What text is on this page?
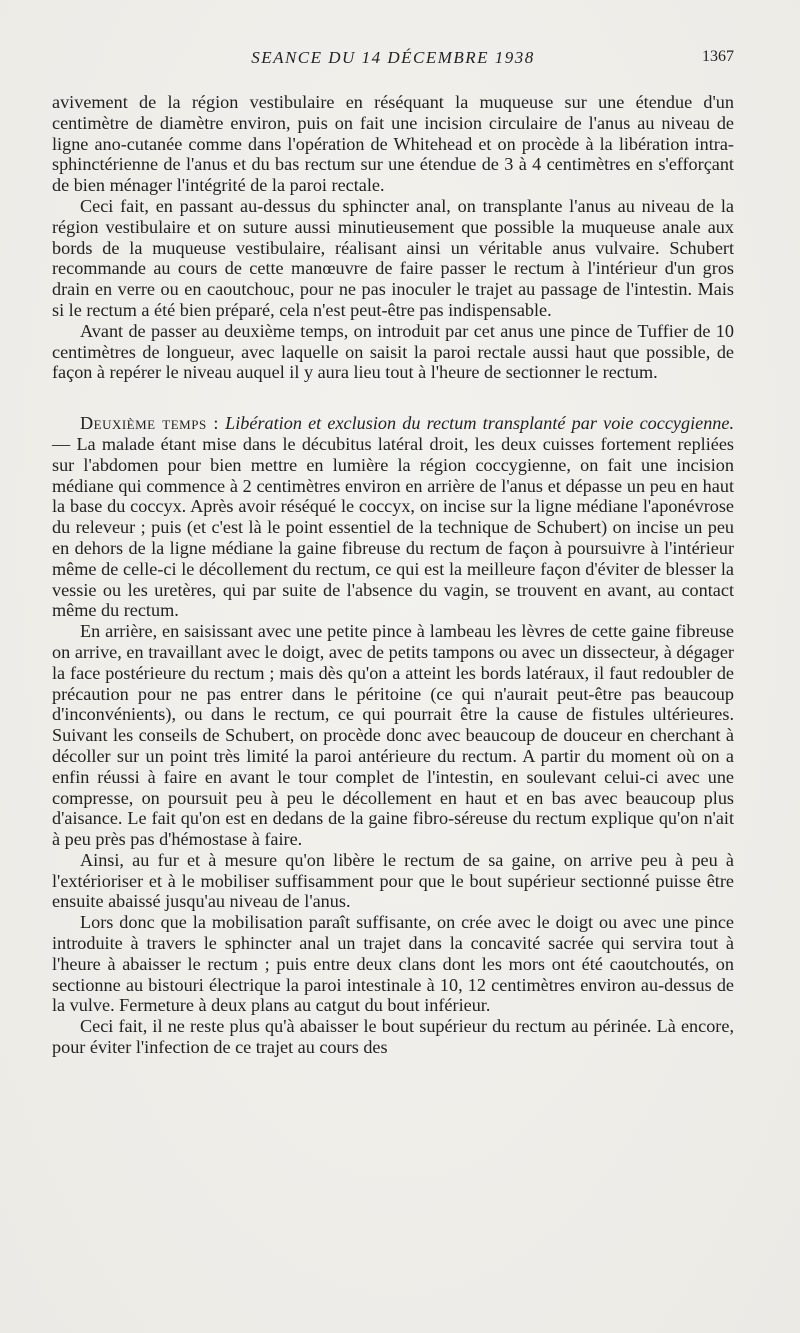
SEANCE DU 14 DÉCEMBRE 1938	1367

avivement de la région vestibulaire en réséquant la muqueuse sur une étendue d'un centimètre de diamètre environ, puis on fait une incision circulaire de l'anus au niveau de ligne ano-cutanée comme dans l'opération de Whitehead et on procède à la libération intra-sphinctérienne de l'anus et du bas rectum sur une étendue de 3 à 4 centimètres en s'efforçant de bien ménager l'intégrité de la paroi rectale.

Ceci fait, en passant au-dessus du sphincter anal, on transplante l'anus au niveau de la région vestibulaire et on suture aussi minutieusement que possible la muqueuse anale aux bords de la muqueuse vestibulaire, réalisant ainsi un véritable anus vulvaire. Schubert recommande au cours de cette manœuvre de faire passer le rectum à l'intérieur d'un gros drain en verre ou en caoutchouc, pour ne pas inoculer le trajet au passage de l'intestin. Mais si le rectum a été bien préparé, cela n'est peut-être pas indispensable.

Avant de passer au deuxième temps, on introduit par cet anus une pince de Tuffier de 10 centimètres de longueur, avec laquelle on saisit la paroi rectale aussi haut que possible, de façon à repérer le niveau auquel il y aura lieu tout à l'heure de sectionner le rectum.

Deuxième temps : Libération et exclusion du rectum transplanté par voie coccygienne. — La malade étant mise dans le décubitus latéral droit, les deux cuisses fortement repliées sur l'abdomen pour bien mettre en lumière la région coccygienne, on fait une incision médiane qui commence à 2 centimètres environ en arrière de l'anus et dépasse un peu en haut la base du coccyx. Après avoir réséqué le coccyx, on incise sur la ligne médiane l'aponévrose du releveur ; puis (et c'est là le point essentiel de la technique de Schubert) on incise un peu en dehors de la ligne médiane la gaine fibreuse du rectum de façon à poursuivre à l'intérieur même de celle-ci le décollement du rectum, ce qui est la meilleure façon d'éviter de blesser la vessie ou les uretères, qui par suite de l'absence du vagin, se trouvent en avant, au contact même du rectum.

En arrière, en saisissant avec une petite pince à lambeau les lèvres de cette gaine fibreuse on arrive, en travaillant avec le doigt, avec de petits tampons ou avec un dissecteur, à dégager la face postérieure du rectum ; mais dès qu'on a atteint les bords latéraux, il faut redoubler de précaution pour ne pas entrer dans le péritoine (ce qui n'aurait peut-être pas beaucoup d'inconvénients), ou dans le rectum, ce qui pourrait être la cause de fistules ultérieures. Suivant les conseils de Schubert, on procède donc avec beaucoup de douceur en cherchant à décoller sur un point très limité la paroi antérieure du rectum. A partir du moment où on a enfin réussi à faire en avant le tour complet de l'intestin, en soulevant celui-ci avec une compresse, on poursuit peu à peu le décollement en haut et en bas avec beaucoup plus d'aisance. Le fait qu'on est en dedans de la gaine fibro-séreuse du rectum explique qu'on n'ait à peu près pas d'hémostase à faire.

Ainsi, au fur et à mesure qu'on libère le rectum de sa gaine, on arrive peu à peu à l'extérioriser et à le mobiliser suffisamment pour que le bout supérieur sectionné puisse être ensuite abaissé jusqu'au niveau de l'anus.

Lors donc que la mobilisation paraît suffisante, on crée avec le doigt ou avec une pince introduite à travers le sphincter anal un trajet dans la concavité sacrée qui servira tout à l'heure à abaisser le rectum ; puis entre deux clans dont les mors ont été caoutchoutés, on sectionne au bistouri électrique la paroi intestinale à 10, 12 centimètres environ au-dessus de la vulve. Fermeture à deux plans au catgut du bout inférieur.

Ceci fait, il ne reste plus qu'à abaisser le bout supérieur du rectum au périnée. Là encore, pour éviter l'infection de ce trajet au cours des
